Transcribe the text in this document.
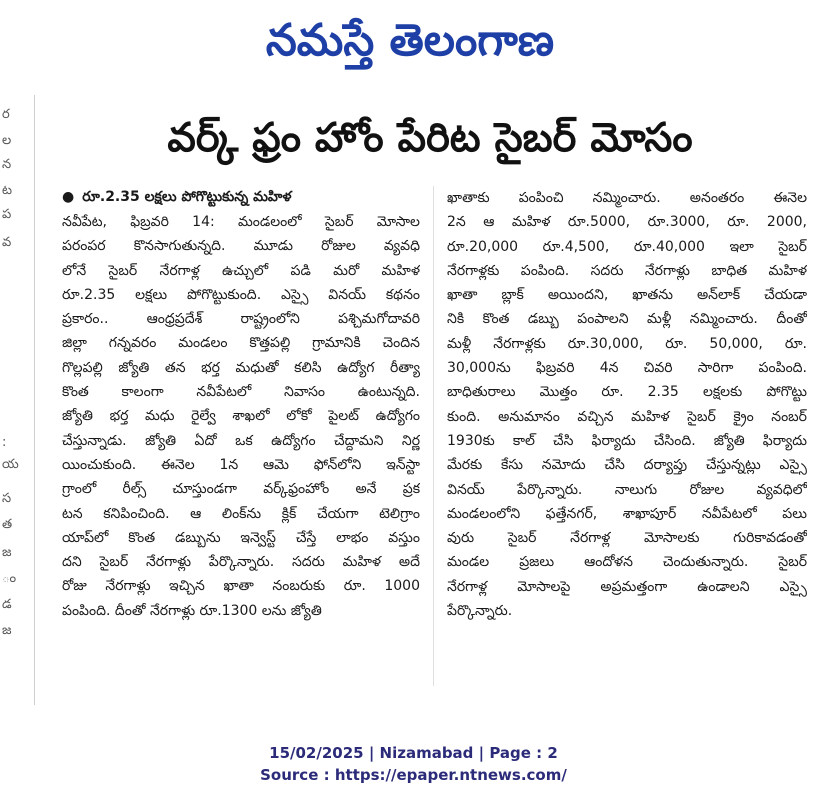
నమస్తే తెలంగాణ
ర
ల
న
ట
ప
వ
:
య
స
త
జ
ం
డ
జ
వర్క్ ఫ్రం హోం పేరిట సైబర్ మోసం
● రూ.2.35 లక్షలు పోగొట్టుకున్న మహిళ
నవీపేట, ఫిబ్రవరి 14: మండలంలో సైబర్ మోసాల
పరంపర కొనసాగుతున్నది. మూడు రోజుల వ్యవధి
లోనే సైబర్ నేరగాళ్ల ఉచ్చులో పడి మరో మహిళ
రూ.2.35 లక్షలు పోగొట్టుకుంది. ఎస్సై వినయ్ కథనం
ప్రకారం.. ఆంధ్రప్రదేశ్ రాష్ట్రంలోని పశ్చిమగోదావరి
జిల్లా గన్నవరం మండలం కొత్తపల్లి గ్రామానికి చెందిన
గొల్లపల్లి జ్యోతి తన భర్త మధుతో కలిసి ఉద్యోగ రీత్యా
కొంత కాలంగా నవీపేటలో నివాసం ఉంటున్నది.
జ్యోతి భర్త మధు రైల్వే శాఖలో లోకో పైలట్ ఉద్యోగం
చేస్తున్నాడు. జ్యోతి ఏదో ఒక ఉద్యోగం చేద్దామని నిర్ణ
యించుకుంది. ఈనెల 1న ఆమె ఫోన్‌లోని ఇన్‌స్టా
గ్రాంలో రీల్స్ చూస్తుండగా వర్క్‌ఫ్రంహోం అనే ప్రక
టన కనిపించింది. ఆ లింక్‌ను క్లిక్ చేయగా టెలిగ్రాం
యాప్‌లో కొంత డబ్బును ఇన్వెస్ట్ చేస్తే లాభం వస్తుం
దని సైబర్ నేరగాళ్లు పేర్కొన్నారు. సదరు మహిళ అదే
రోజు నేరగాళ్లు ఇచ్చిన ఖాతా నంబరుకు రూ. 1000
పంపింది. దీంతో నేరగాళ్లు రూ.1300 లను జ్యోతి
ఖాతాకు పంపించి నమ్మించారు. అనంతరం ఈనెల
2న ఆ మహిళ రూ.5000, రూ.3000, రూ. 2000,
రూ.20,000 రూ.4,500, రూ.40,000 ఇలా సైబర్
నేరగాళ్లకు పంపింది. సదరు నేరగాళ్లు బాధిత మహిళ
ఖాతా బ్లాక్ అయిందని, ఖాతను అన్‌లాక్ చేయడా
నికి కొంత డబ్బు పంపాలని మళ్లీ నమ్మించారు. దీంతో
మళ్లీ నేరగాళ్లకు రూ.30,000, రూ. 50,000, రూ.
30,000ను ఫిబ్రవరి 4న చివరి సారిగా పంపింది.
బాధితురాలు మొత్తం రూ. 2.35 లక్షలకు పోగొట్టు
కుంది. అనుమానం వచ్చిన మహిళ సైబర్ క్రైం నంబర్
1930కు కాల్ చేసి ఫిర్యాదు చేసింది. జ్యోతి ఫిర్యాదు
మేరకు కేసు నమోదు చేసి దర్యాప్తు చేస్తున్నట్లు ఎస్సై
వినయ్ పేర్కొన్నారు. నాలుగు రోజుల వ్యవధిలో
మండలంలోని ఫత్తేనగర్, శాఖాపూర్ నవీపేటలో పలు
వురు సైబర్ నేరగాళ్ల మోసాలకు గురికావడంతో
మండల ప్రజలు ఆందోళన చెందుతున్నారు. సైబర్
నేరగాళ్ల మోసాలపై అప్రమత్తంగా ఉండాలని ఎస్సై
పేర్కొన్నారు.
15/02/2025 | Nizamabad | Page : 2
Source : https://epaper.ntnews.com/
